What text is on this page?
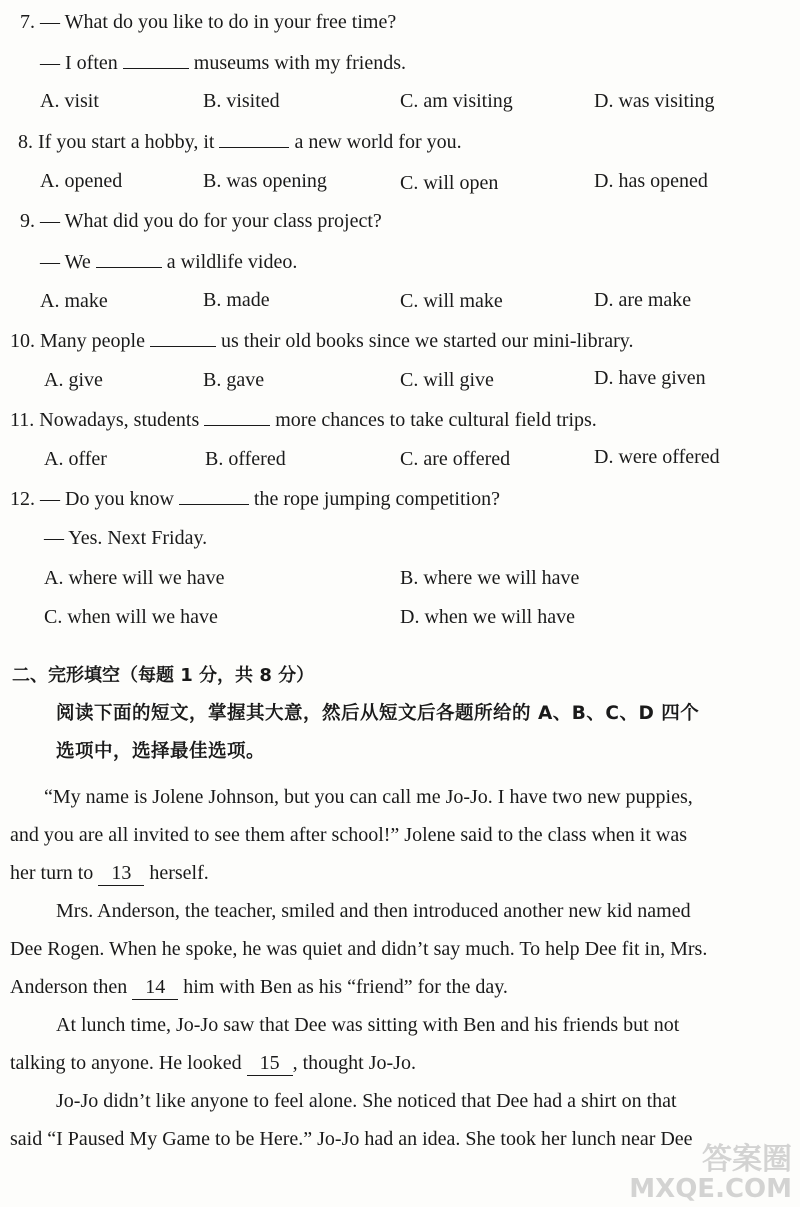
7. — What do you like to do in your free time?
— I often	museums with my friends.
A. visit	B. visited	C. am visiting	D. was visiting
8. If you start a hobby, it	a new world for you.
A. opened	B. was opening	C. will open	D. has opened
9. — What did you do for your class project?
— We	a wildlife video.
A. make	B. made	C. will make	D. are make
10. Many people	us their old books since we started our mini-library.
A. give	B. gave	C. will give	D. have given
11. Nowadays, students	more chances to take cultural field trips.
A. offer	B. offered	C. are offered	D. were offered
12. — Do you know	the rope jumping competition?
— Yes. Next Friday.
A. where will we have	B. where we will have
C. when will we have	D. when we will have
二、完形填空（每题 1 分，共 8 分）
阅读下面的短文，掌握其大意，然后从短文后各题所给的 A、B、C、D 四个
选项中，选择最佳选项。
“My name is Jolene Johnson, but you can call me Jo-Jo. I have two new puppies,
and you are all invited to see them after school!” Jolene said to the class when it was
her turn to 13 herself.
Mrs. Anderson, the teacher, smiled and then introduced another new kid named
Dee Rogen. When he spoke, he was quiet and didn’t say much. To help Dee fit in, Mrs.
Anderson then 14 him with Ben as his “friend” for the day.
At lunch time, Jo-Jo saw that Dee was sitting with Ben and his friends but not
talking to anyone. He looked 15 , thought Jo-Jo.
Jo-Jo didn’t like anyone to feel alone. She noticed that Dee had a shirt on that
said “I Paused My Game to be Here.” Jo-Jo had an idea. She took her lunch near Dee
答案圈
MXQE.COM
